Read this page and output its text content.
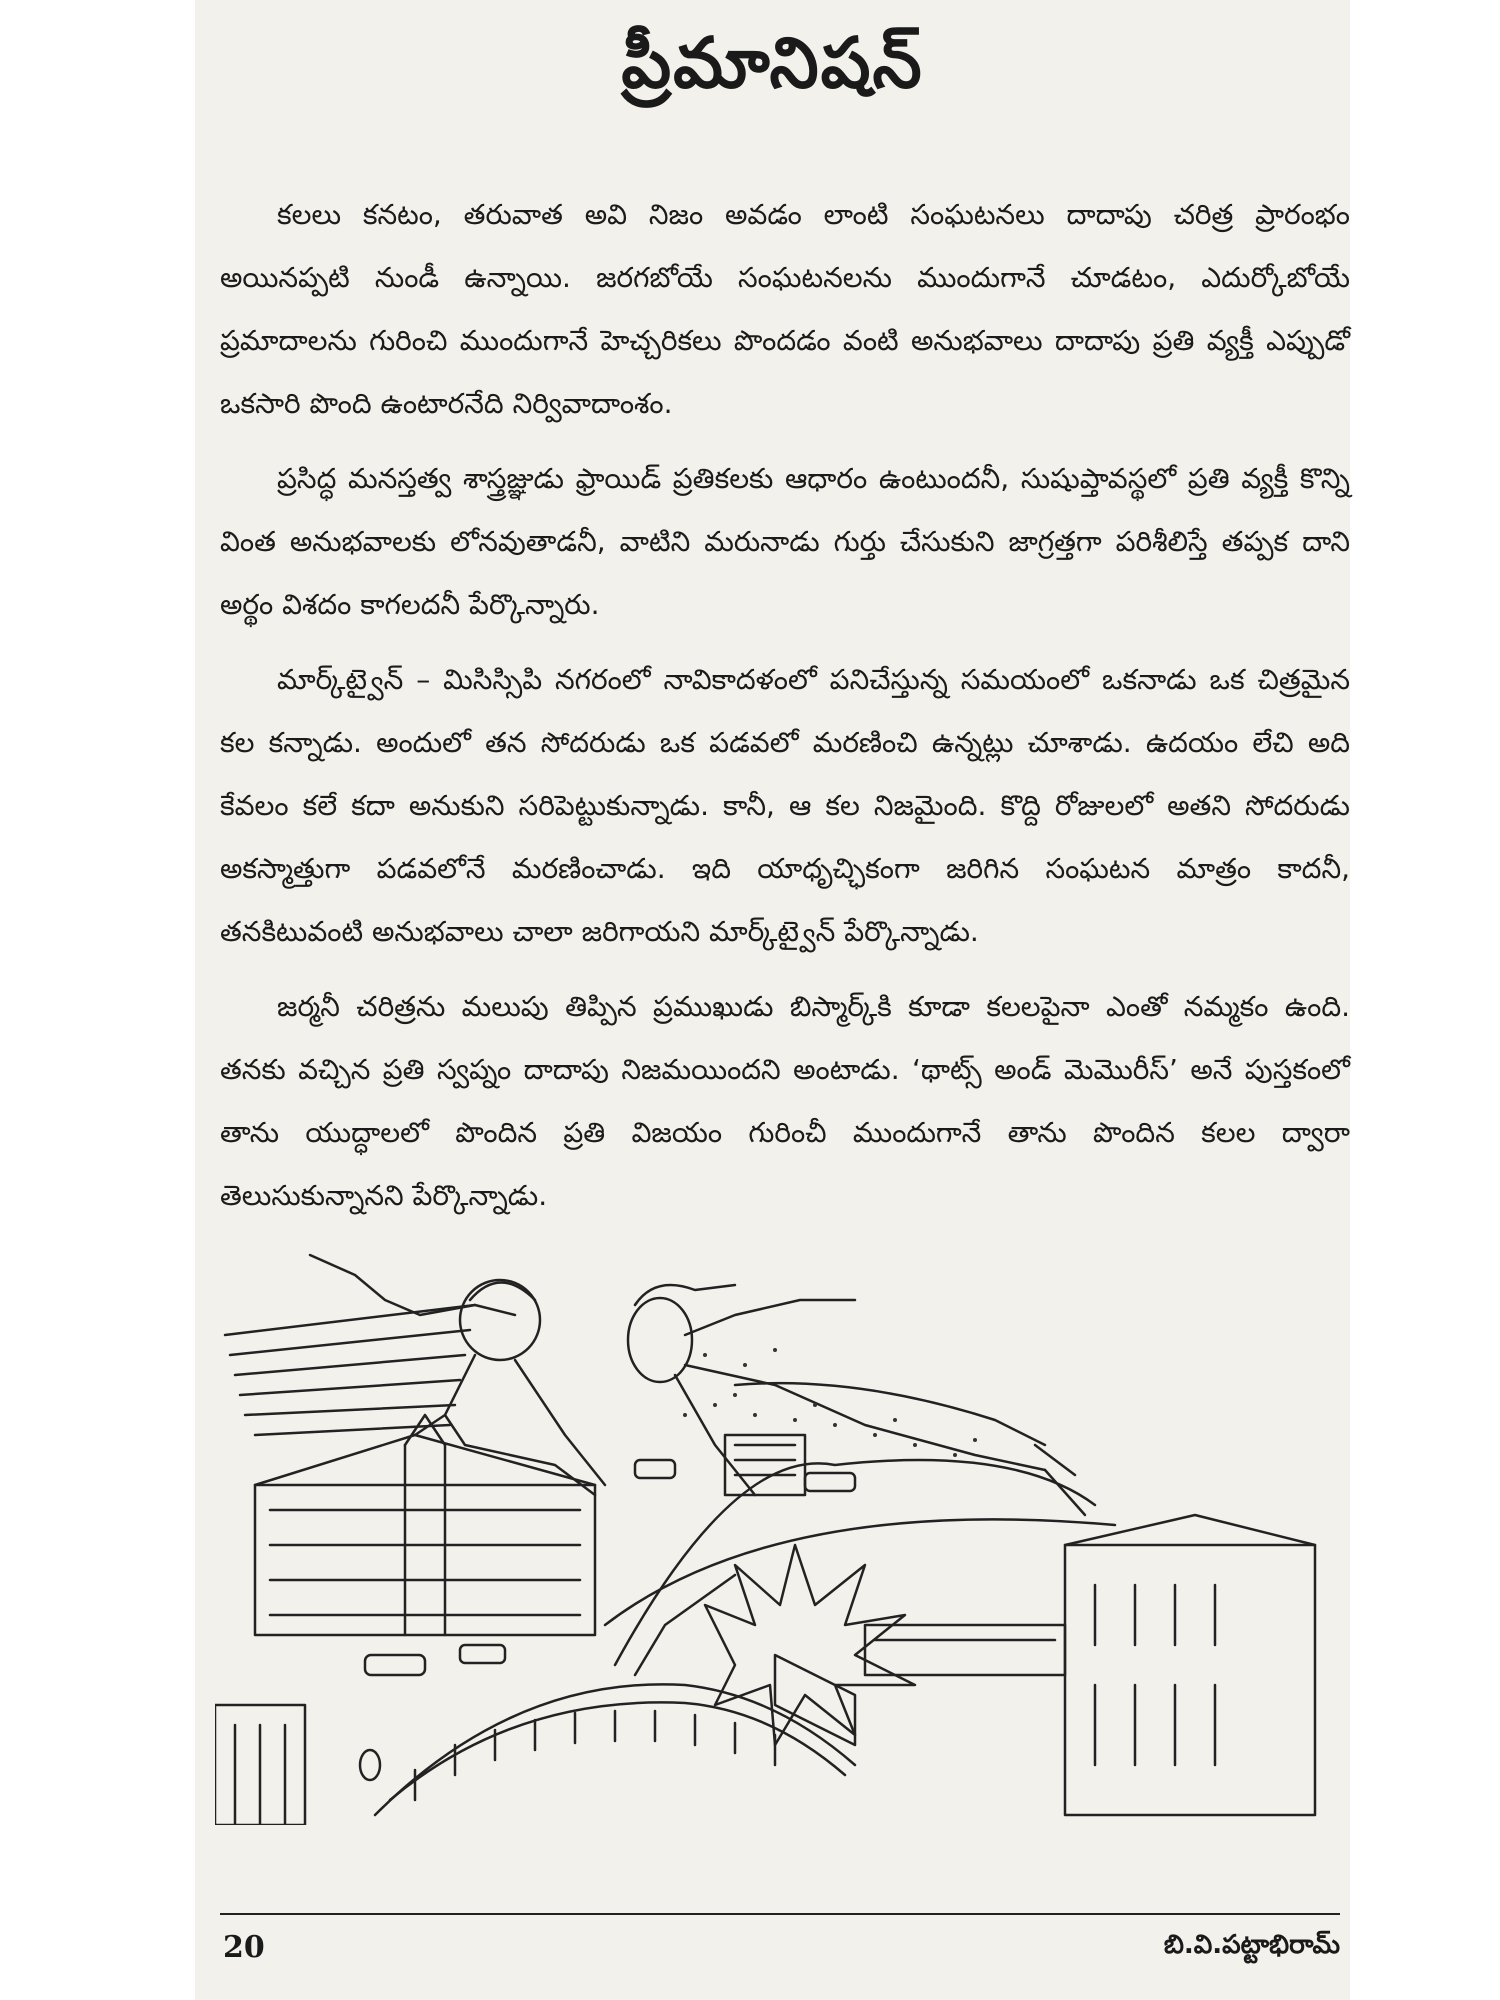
ప్రీమానిషన్

కలలు కనటం, తరువాత అవి నిజం అవడం లాంటి సంఘటనలు దాదాపు చరిత్ర ప్రారంభం అయినప్పటి నుండీ ఉన్నాయి. జరగబోయే సంఘటనలను ముందుగానే చూడటం, ఎదుర్కోబోయే ప్రమాదాలను గురించి ముందుగానే హెచ్చరికలు పొందడం వంటి అనుభవాలు దాదాపు ప్రతి వ్యక్తీ ఎప్పుడో ఒకసారి పొంది ఉంటారనేది నిర్వివాదాంశం.

ప్రసిద్ధ మనస్తత్వ శాస్త్రజ్ఞుడు ఫ్రాయిడ్ ప్రతికలకు ఆధారం ఉంటుందనీ, సుషుప్తావస్థలో ప్రతి వ్యక్తీ కొన్ని వింత అనుభవాలకు లోనవుతాడనీ, వాటిని మరునాడు గుర్తు చేసుకుని జాగ్రత్తగా పరిశీలిస్తే తప్పక దాని అర్థం విశదం కాగలదనీ పేర్కొన్నారు.

మార్క్‌ట్వైన్ – మిసిస్సిపి నగరంలో నావికాదళంలో పనిచేస్తున్న సమయంలో ఒకనాడు ఒక చిత్రమైన కల కన్నాడు. అందులో తన సోదరుడు ఒక పడవలో మరణించి ఉన్నట్లు చూశాడు. ఉదయం లేచి అది కేవలం కలే కదా అనుకుని సరిపెట్టుకున్నాడు. కానీ, ఆ కల నిజమైంది. కొద్ది రోజులలో అతని సోదరుడు అకస్మాత్తుగా పడవలోనే మరణించాడు. ఇది యాధృచ్ఛికంగా జరిగిన సంఘటన మాత్రం కాదనీ, తనకిటువంటి అనుభవాలు చాలా జరిగాయని మార్క్‌ట్వైన్ పేర్కొన్నాడు.

జర్మనీ చరిత్రను మలుపు తిప్పిన ప్రముఖుడు బిస్మార్క్‌కి కూడా కలలపైనా ఎంతో నమ్మకం ఉంది. తనకు వచ్చిన ప్రతి స్వప్నం దాదాపు నిజమయిందని అంటాడు. ‘థాట్స్ అండ్ మెమొరీస్’ అనే పుస్తకంలో తాను యుద్ధాలలో పొందిన ప్రతి విజయం గురించీ ముందుగానే తాను పొందిన కలల ద్వారా తెలుసుకున్నానని పేర్కొన్నాడు.

20	బి.వి.పట్టాభిరామ్
